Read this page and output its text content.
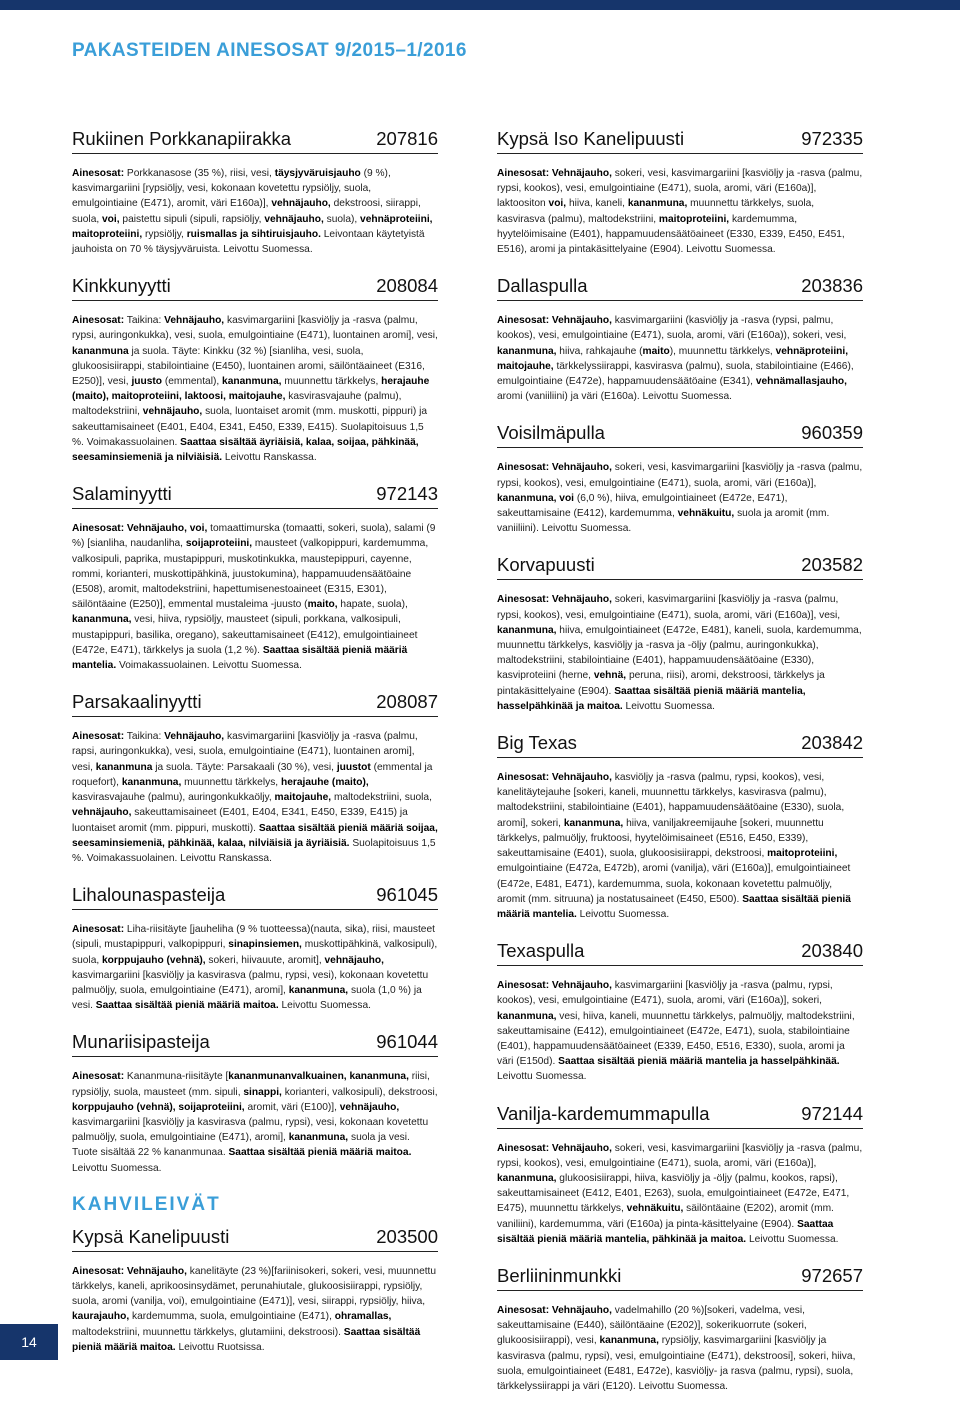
PAKASTEIDEN AINESOSAT 9/2015–1/2016
Rukiinen Porkkanapiirakka	207816

Ainesosat: Porkkanasose (35 %), riisi, vesi, täysjyväruisjauho (9 %), kasvimargariini [rypsiöljy, vesi, kokonaan kovetettu rypsiöljy, suola, emulgointiaine (E471), aromit, väri E160a)], vehnäjauho, dekstroosi, siirappi, suola, voi, paistettu sipuli (sipuli, rapsiöljy, vehnäjauho, suola), vehnäproteiini, maitoproteiini, rypsiöljy, ruismallas ja sihtiruisjauho. Leivontaan käytetyistä jauhoista on 70 % täysjyväruista. Leivottu Suomessa.

Kinkkunyytti	208084

Ainesosat: Taikina: Vehnäjauho, kasvimargariini [kasviöljy ja -rasva (palmu, rypsi, auringonkukka), vesi, suola, emulgointiaine (E471), luontainen aromi], vesi, kananmuna ja suola. Täyte: Kinkku (32 %) [sianliha, vesi, suola, glukoosisiirappi, stabilointiaine (E450), luontainen aromi, säilöntäaineet (E316, E250)], vesi, juusto (emmental), kananmuna, muunnettu tärkkelys, herajauhe (maito), maitoproteiini, laktoosi, maitojauhe, kasvirasvajauhe (palmu), maltodekstriini, vehnäjauho, suola, luontaiset aromit (mm. muskotti, pippuri) ja sakeuttamisaineet (E401, E404, E341, E450, E339, E415). Suolapitoisuus 1,5 %. Voimakassuolainen. Saattaa sisältää äyriäisiä, kalaa, soijaa, pähkinää, seesaminsiemeniä ja nilviäisiä. Leivottu Ranskassa.

Salaminyytti	972143

Ainesosat: Vehnäjauho, voi, tomaattimurska (tomaatti, sokeri, suola), salami (9 %) [sianliha, naudanliha, soijaproteiini, mausteet (valkopippuri, kardemumma, valkosipuli, paprika, mustapippuri, muskotinkukka, maustepippuri, cayenne, rommi, korianteri, muskottipähkinä, juustokumina), happamuudensäätöaine (E508), aromit, maltodekstriini, hapettumisenestoaineet (E315, E301), säilöntäaine (E250)], emmental mustaleima -juusto (maito, hapate, suola), kananmuna, vesi, hiiva, rypsiöljy, mausteet (sipuli, porkkana, valkosipuli, mustapippuri, basilika, oregano), sakeuttamisaineet (E412), emulgointiaineet (E472e, E471), tärkkelys ja suola (1,2 %). Saattaa sisältää pieniä määriä mantelia. Voimakassuolainen. Leivottu Suomessa.

Parsakaalinyytti	208087

Ainesosat: Taikina: Vehnäjauho, kasvimargariini [kasviöljy ja -rasva (palmu, rapsi, auringonkukka), vesi, suola, emulgointiaine (E471), luontainen aromi], vesi, kananmuna ja suola. Täyte: Parsakaali (30 %), vesi, juustot (emmental ja roquefort), kananmuna, muunnettu tärkkelys, herajauhe (maito), kasvirasvajauhe (palmu), auringonkukkaöljy, maitojauhe, maltodekstriini, suola, vehnäjauho, sakeuttamisaineet (E401, E404, E341, E450, E339, E415) ja luontaiset aromit (mm. pippuri, muskotti). Saattaa sisältää pieniä määriä soijaa, seesaminsiemeniä, pähkinää, kalaa, nilviäisiä ja äyriäisiä. Suolapitoisuus 1,5 %. Voimakassuolainen. Leivottu Ranskassa.

Lihalounaspasteija	961045

Ainesosat: Liha-riisitäyte [jauheliha (9 % tuotteessa)(nauta, sika), riisi, mausteet (sipuli, mustapippuri, valkopippuri, sinapinsiemen, muskottipähkinä, valkosipuli), suola, korppujauho (vehnä), sokeri, hiivauute, aromit], vehnäjauho, kasvimargariini [kasviöljy ja kasvirasva (palmu, rypsi, vesi), kokonaan kovetettu palmuöljy, suola, emulgointiaine (E471), aromi], kananmuna, suola (1,0 %) ja vesi. Saattaa sisältää pieniä määriä maitoa. Leivottu Suomessa.

Munariisipasteija	961044

Ainesosat: Kananmuna-riisitäyte [kananmunanvalkuainen, kananmuna, riisi, rypsiöljy, suola, mausteet (mm. sipuli, sinappi, korianteri, valkosipuli), dekstroosi, korppujauho (vehnä), soijaproteiini, aromit, väri (E100)], vehnäjauho, kasvimargariini [kasviöljy ja kasvirasva (palmu, rypsi), vesi, kokonaan kovetettu palmuöljy, suola, emulgointiaine (E471), aromi], kananmuna, suola ja vesi. Tuote sisältää 22 % kananmunaa. Saattaa sisältää pieniä määriä maitoa. Leivottu Suomessa.

KAHVILEIVÄT
Kypsä Kanelipuusti	203500

Ainesosat: Vehnäjauho, kanelitäyte (23 %)[fariinisokeri, sokeri, vesi, muunnettu tärkkelys, kaneli, aprikoosinsydämet, perunahiutale, glukoosisiirappi, rypsiöljy, suola, aromi (vanilja, voi), emulgointiaine (E471)], vesi, siirappi, rypsiöljy, hiiva, kaurajauho, kardemumma, suola, emulgointiaine (E471), ohramallas, maltodekstriini, muunnettu tärkkelys, glutamiini, dekstroosi). Saattaa sisältää pieniä määriä maitoa. Leivottu Ruotsissa.

Kypsä Iso Kanelipuusti	972335

Ainesosat: Vehnäjauho, sokeri, vesi, kasvimargariini [kasviöljy ja -rasva (palmu, rypsi, kookos), vesi, emulgointiaine (E471), suola, aromi, väri (E160a)], laktoositon voi, hiiva, kaneli, kananmuna, muunnettu tärkkelys, suola, kasvirasva (palmu), maltodekstriini, maitoproteiini, kardemumma, hyytelöimisaine (E401), happamuudensäätöaineet (E330, E339, E450, E451, E516), aromi ja pintakäsittelyaine (E904). Leivottu Suomessa.

Dallaspulla	203836

Ainesosat: Vehnäjauho, kasvimargariini (kasviöljy ja -rasva (rypsi, palmu, kookos), vesi, emulgointiaine (E471), suola, aromi, väri (E160a)), sokeri, vesi, kananmuna, hiiva, rahkajauhe (maito), muunnettu tärkkelys, vehnäproteiini, maitojauhe, tärkkelyssiirappi, kasvirasva (palmu), suola, stabilointiaine (E466), emulgointiaine (E472e), happamuudensäätöaine (E341), vehnämallasjauho, aromi (vaniiliini) ja väri (E160a). Leivottu Suomessa.

Voisilmäpulla	960359

Ainesosat: Vehnäjauho, sokeri, vesi, kasvimargariini [kasviöljy ja -rasva (palmu, rypsi, kookos), vesi, emulgointiaine (E471), suola, aromi, väri (E160a)], kananmuna, voi (6,0 %), hiiva, emulgointiaineet (E472e, E471), sakeuttamisaine (E412), kardemumma, vehnäkuitu, suola ja aromit (mm. vaniiliini). Leivottu Suomessa.

Korvapuusti	203582

Ainesosat: Vehnäjauho, sokeri, kasvimargariini [kasviöljy ja -rasva (palmu, rypsi, kookos), vesi, emulgointiaine (E471), suola, aromi, väri (E160a)], vesi, kananmuna, hiiva, emulgointiaineet (E472e, E481), kaneli, suola, kardemumma, muunnettu tärkkelys, kasviöljy ja -rasva ja -öljy (palmu, auringonkukka), maltodekstriini, stabilointiaine (E401), happamuudensäätöaine (E330), kasviproteiini (herne, vehnä, peruna, riisi), aromi, dekstroosi, tärkkelys ja pintakäsittelyaine (E904). Saattaa sisältää pieniä määriä mantelia, hasselpähkinää ja maitoa. Leivottu Suomessa.

Big Texas	203842

Ainesosat: Vehnäjauho, kasviöljy ja -rasva (palmu, rypsi, kookos), vesi, kanelitäytejauhe [sokeri, kaneli, muunnettu tärkkelys, kasvirasva (palmu), maltodekstriini, stabilointiaine (E401), happamuudensäätöaine (E330), suola, aromi], sokeri, kananmuna, hiiva, vaniljakreemijauhe [sokeri, muunnettu tärkkelys, palmuöljy, fruktoosi, hyytelöimisaineet (E516, E450, E339), sakeuttamisaine (E401), suola, glukoosisiirappi, dekstroosi, maitoproteiini, emulgointiaine (E472a, E472b), aromi (vanilja), väri (E160a)], emulgointiaineet (E472e, E481, E471), kardemumma, suola, kokonaan kovetettu palmuöljy, aromit (mm. sitruuna) ja nostatusaineet (E450, E500). Saattaa sisältää pieniä määriä mantelia. Leivottu Suomessa.

Texaspulla	203840

Ainesosat: Vehnäjauho, kasvimargariini [kasviöljy ja -rasva (palmu, rypsi, kookos), vesi, emulgointiaine (E471), suola, aromi, väri (E160a)], sokeri, kananmuna, vesi, hiiva, kaneli, muunnettu tärkkelys, palmuöljy, maltodekstriini, sakeuttamisaine (E412), emulgointiaineet (E472e, E471), suola, stabilointiaine (E401), happamuudensäätöaineet (E339, E450, E516, E330), suola, aromi ja väri (E150d). Saattaa sisältää pieniä määriä mantelia ja hasselpähkinää. Leivottu Suomessa.

Vanilja-kardemummapulla	972144

Ainesosat: Vehnäjauho, sokeri, vesi, kasvimargariini [kasviöljy ja -rasva (palmu, rypsi, kookos), vesi, emulgointiaine (E471), suola, aromi, väri (E160a)], kananmuna, glukoosisiirappi, hiiva, kasviöljy ja -öljy (palmu, kookos, rapsi), sakeuttamisaineet (E412, E401, E263), suola, emulgointiaineet (E472e, E471, E475), muunnettu tärkkelys, vehnäkuitu, säilöntäaine (E202), aromit (mm. vaniliini), kardemumma, väri (E160a) ja pinta-käsittelyaine (E904). Saattaa sisältää pieniä määriä mantelia, pähkinää ja maitoa. Leivottu Suomessa.

Berliininmunkki	972657

Ainesosat: Vehnäjauho, vadelmahillo (20 %)[sokeri, vadelma, vesi, sakeuttamisaine (E440), säilöntäaine (E202)], sokerikuorrute (sokeri, glukoosisiirappi), vesi, kananmuna, rypsiöljy, kasvimargariini [kasviöljy ja kasvirasva (palmu, rypsi), vesi, emulgointiaine (E471), dekstroosi], sokeri, hiiva, suola, emulgointiaineet (E481, E472e), kasviöljy- ja rasva (palmu, rypsi), suola, tärkkelyssiirappi ja väri (E120). Leivottu Suomessa.

14
